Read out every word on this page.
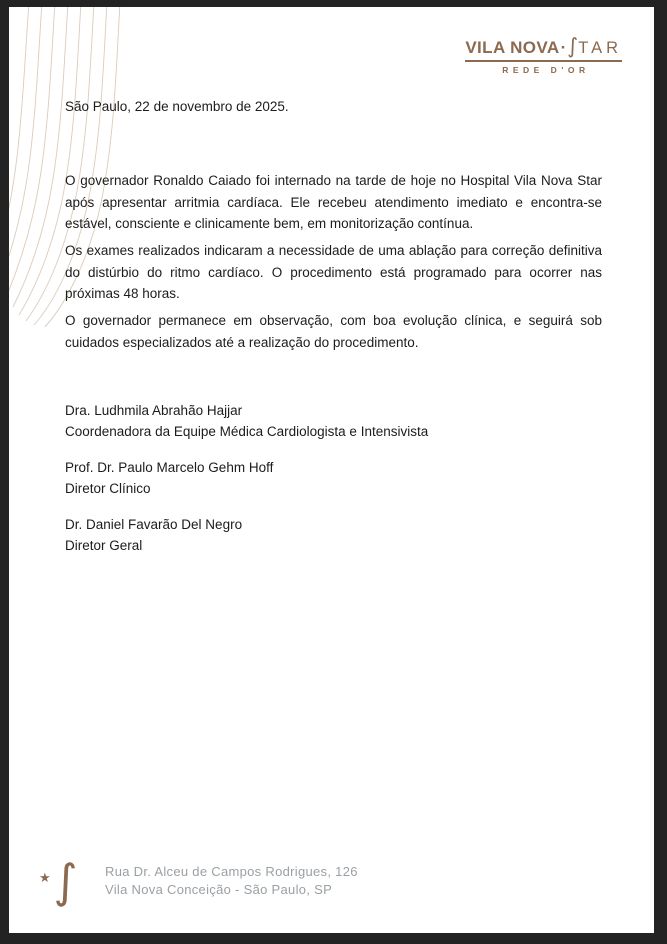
VILA NOVA · ∫ TAR
REDE D'OR
São Paulo, 22 de novembro de 2025.

O governador Ronaldo Caiado foi internado na tarde de hoje no Hospital Vila Nova Star após apresentar arritmia cardíaca. Ele recebeu atendimento imediato e encontra-se estável, consciente e clinicamente bem, em monitorização contínua.

Os exames realizados indicaram a necessidade de uma ablação para correção definitiva do distúrbio do ritmo cardíaco. O procedimento está programado para ocorrer nas próximas 48 horas.

O governador permanece em observação, com boa evolução clínica, e seguirá sob cuidados especializados até a realização do procedimento.

Dra. Ludhmila Abrahão Hajjar
Coordenadora da Equipe Médica Cardiologista e Intensivista
Prof. Dr. Paulo Marcelo Gehm Hoff
Diretor Clínico
Dr. Daniel Favarão Del Negro
Diretor Geral
★ ∫ Rua Dr. Alceu de Campos Rodrigues, 126
Vila Nova Conceição - São Paulo, SP
